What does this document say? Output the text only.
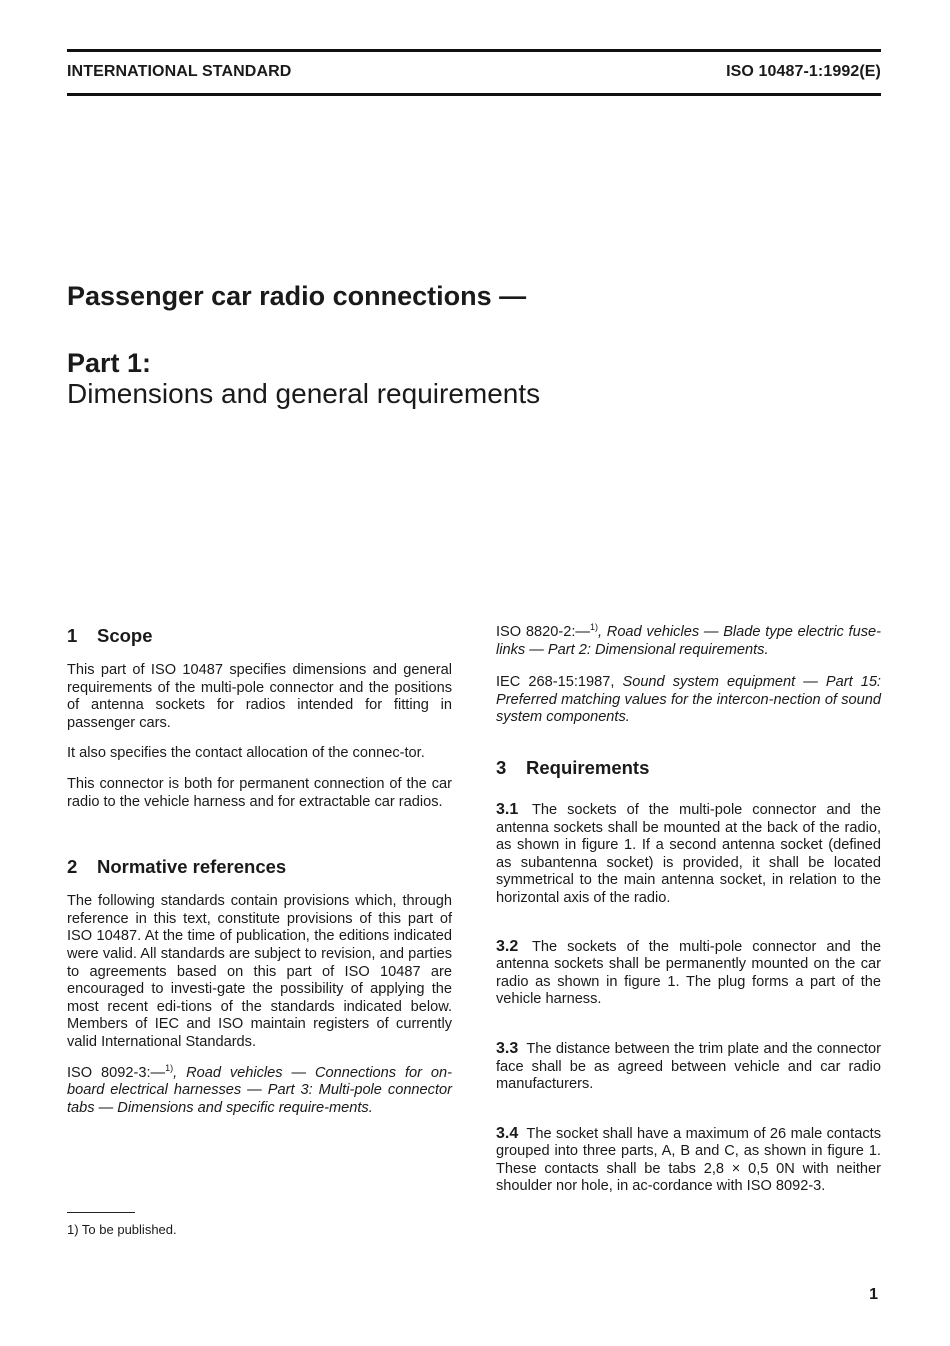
INTERNATIONAL STANDARD	ISO 10487-1:1992(E)
Passenger car radio connections —
Part 1:
Dimensions and general requirements
1 Scope

This part of ISO 10487 specifies dimensions and general requirements of the multi-pole connector and the positions of antenna sockets for radios intended for fitting in passenger cars.

It also specifies the contact allocation of the connec-tor.

This connector is both for permanent connection of the car radio to the vehicle harness and for extractable car radios.

2 Normative references

The following standards contain provisions which, through reference in this text, constitute provisions of this part of ISO 10487. At the time of publication, the editions indicated were valid. All standards are subject to revision, and parties to agreements based on this part of ISO 10487 are encouraged to investi-gate the possibility of applying the most recent edi-tions of the standards indicated below. Members of IEC and ISO maintain registers of currently valid International Standards.

ISO 8092-3:—$^{1)}$, Road vehicles — Connections for on-board electrical harnesses — Part 3: Multi-pole connector tabs — Dimensions and specific require-ments.

ISO 8820-2:—$^{1)}$, Road vehicles — Blade type electric fuse-links — Part 2: Dimensional requirements.

IEC 268-15:1987, Sound system equipment — Part 15: Preferred matching values for the intercon-nection of sound system components.

3 Requirements

3.1 The sockets of the multi-pole connector and the antenna sockets shall be mounted at the back of the radio, as shown in figure 1. If a second antenna socket (defined as subantenna socket) is provided, it shall be located symmetrical to the main antenna socket, in relation to the horizontal axis of the radio.

3.2 The sockets of the multi-pole connector and the antenna sockets shall be permanently mounted on the car radio as shown in figure 1. The plug forms a part of the vehicle harness.

3.3 The distance between the trim plate and the connector face shall be as agreed between vehicle and car radio manufacturers.

3.4 The socket shall have a maximum of 26 male contacts grouped into three parts, A, B and C, as shown in figure 1. These contacts shall be tabs 2,8 × 0,5 0N with neither shoulder nor hole, in ac-cordance with ISO 8092-3.

1) To be published.
1
